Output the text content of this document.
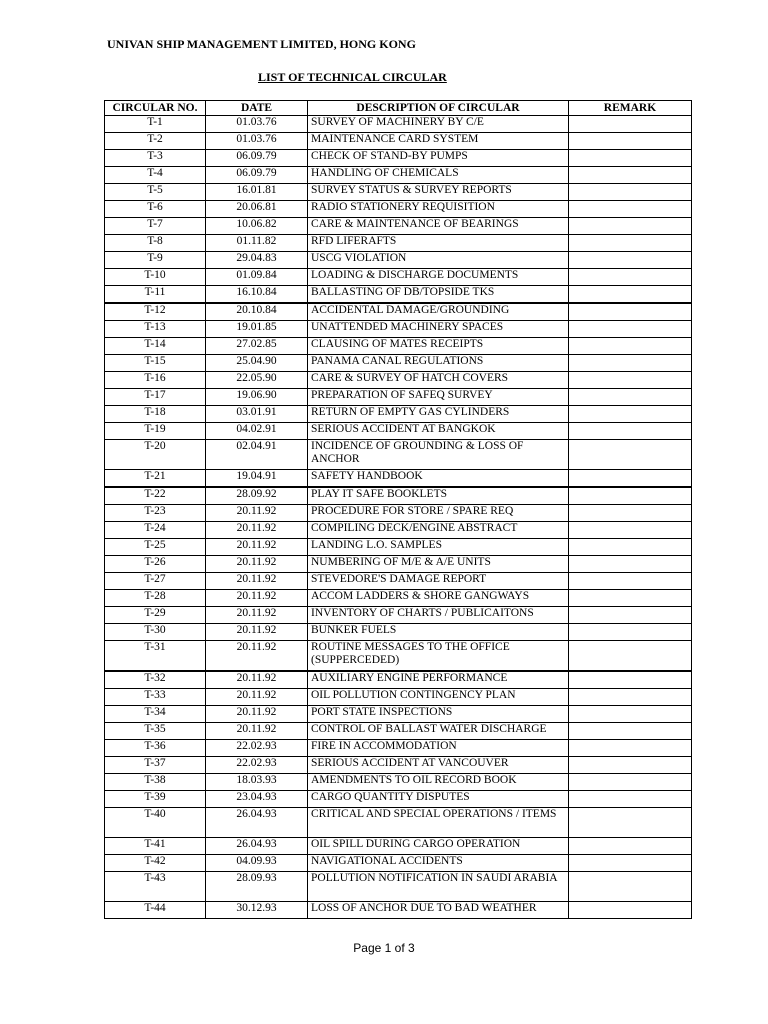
UNIVAN SHIP MANAGEMENT LIMITED, HONG KONG
LIST OF TECHNICAL CIRCULAR
CIRCULAR NO.	DATE	DESCRIPTION OF CIRCULAR	REMARK
T-1	01.03.76	SURVEY OF MACHINERY BY C/E	
T-2	01.03.76	MAINTENANCE CARD SYSTEM	
T-3	06.09.79	CHECK OF STAND-BY PUMPS	
T-4	06.09.79	HANDLING OF CHEMICALS	
T-5	16.01.81	SURVEY STATUS & SURVEY REPORTS	
T-6	20.06.81	RADIO STATIONERY REQUISITION	
T-7	10.06.82	CARE & MAINTENANCE OF BEARINGS	
T-8	01.11.82	RFD LIFERAFTS	
T-9	29.04.83	USCG VIOLATION	
T-10	01.09.84	LOADING & DISCHARGE DOCUMENTS	
T-11	16.10.84	BALLASTING OF DB/TOPSIDE TKS	
T-12	20.10.84	ACCIDENTAL DAMAGE/GROUNDING	
T-13	19.01.85	UNATTENDED MACHINERY SPACES	
T-14	27.02.85	CLAUSING OF MATES RECEIPTS	
T-15	25.04.90	PANAMA CANAL REGULATIONS	
T-16	22.05.90	CARE & SURVEY OF HATCH COVERS	
T-17	19.06.90	PREPARATION OF SAFEQ SURVEY	
T-18	03.01.91	RETURN OF EMPTY GAS CYLINDERS	
T-19	04.02.91	SERIOUS ACCIDENT AT BANGKOK	
T-20	02.04.91	INCIDENCE OF GROUNDING & LOSS OF ANCHOR	
T-21	19.04.91	SAFETY HANDBOOK	
T-22	28.09.92	PLAY IT SAFE BOOKLETS	
T-23	20.11.92	PROCEDURE FOR STORE / SPARE REQ	
T-24	20.11.92	COMPILING DECK/ENGINE ABSTRACT	
T-25	20.11.92	LANDING L.O. SAMPLES	
T-26	20.11.92	NUMBERING OF M/E & A/E UNITS	
T-27	20.11.92	STEVEDORE'S DAMAGE REPORT	
T-28	20.11.92	ACCOM LADDERS & SHORE GANGWAYS	
T-29	20.11.92	INVENTORY OF CHARTS / PUBLICAITONS	
T-30	20.11.92	BUNKER FUELS	
T-31	20.11.92	ROUTINE MESSAGES TO THE OFFICE (SUPPERCEDED)	
T-32	20.11.92	AUXILIARY ENGINE PERFORMANCE	
T-33	20.11.92	OIL POLLUTION CONTINGENCY PLAN	
T-34	20.11.92	PORT STATE INSPECTIONS	
T-35	20.11.92	CONTROL OF BALLAST WATER DISCHARGE	
T-36	22.02.93	FIRE IN ACCOMMODATION	
T-37	22.02.93	SERIOUS ACCIDENT AT VANCOUVER	
T-38	18.03.93	AMENDMENTS TO OIL RECORD BOOK	
T-39	23.04.93	CARGO QUANTITY DISPUTES	
T-40	26.04.93	CRITICAL AND SPECIAL OPERATIONS / ITEMS	
T-41	26.04.93	OIL SPILL DURING CARGO OPERATION	
T-42	04.09.93	NAVIGATIONAL ACCIDENTS	
T-43	28.09.93	POLLUTION NOTIFICATION IN SAUDI ARABIA	
T-44	30.12.93	LOSS OF ANCHOR DUE TO BAD WEATHER	
Page 1 of 3
